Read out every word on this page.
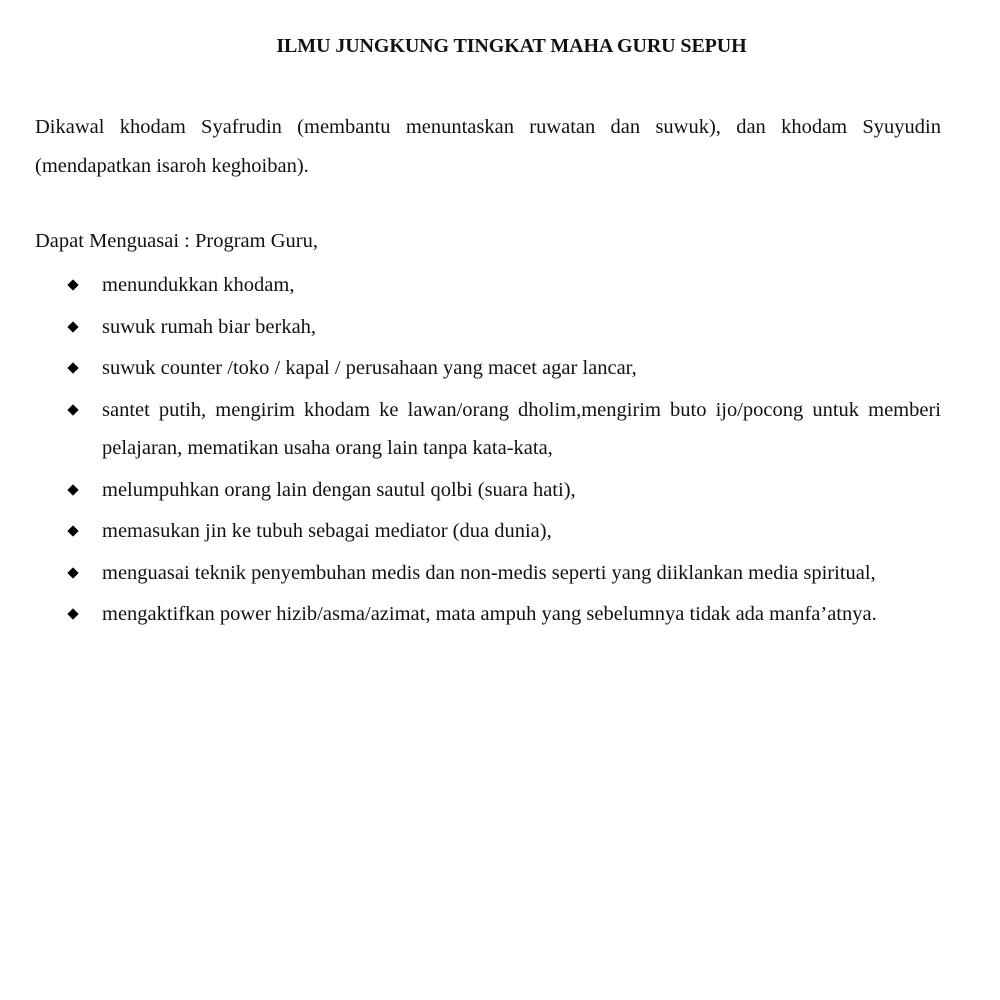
ILMU JUNGKUNG TINGKAT MAHA GURU SEPUH

Dikawal khodam Syafrudin (membantu menuntaskan ruwatan dan suwuk), dan khodam Syuyudin (mendapatkan isaroh keghoiban).

Dapat Menguasai : Program Guru,

menundukkan khodam,
suwuk rumah biar berkah,
suwuk counter /toko / kapal / perusahaan yang macet agar lancar,
santet putih, mengirim khodam ke lawan/orang dholim,mengirim buto ijo/pocong untuk memberi pelajaran, mematikan usaha orang lain tanpa kata-kata,
melumpuhkan orang lain dengan sautul qolbi (suara hati),
memasukan jin ke tubuh sebagai mediator (dua dunia),
menguasai teknik penyembuhan medis dan non-medis seperti yang diiklankan media spiritual,
mengaktifkan power hizib/asma/azimat, mata ampuh yang sebelumnya tidak ada manfa’atnya.
